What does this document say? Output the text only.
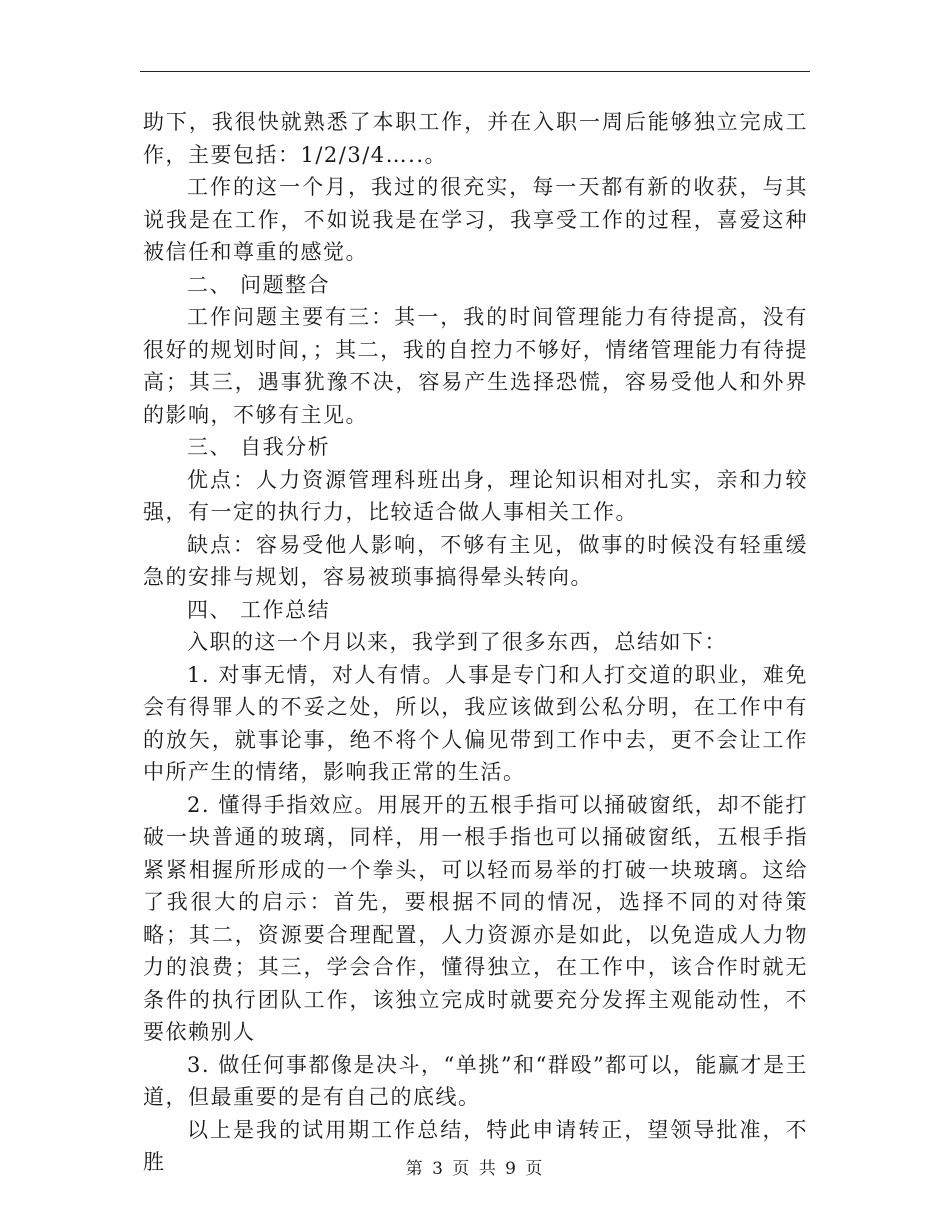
助下，我很快就熟悉了本职工作，并在入职一周后能够独立完成工作，主要包括：1/2/3/4…..。

工作的这一个月，我过的很充实，每一天都有新的收获，与其说我是在工作，不如说我是在学习，我享受工作的过程，喜爱这种被信任和尊重的感觉。

二、 问题整合

工作问题主要有三：其一，我的时间管理能力有待提高，没有很好的规划时间，；其二，我的自控力不够好，情绪管理能力有待提高；其三，遇事犹豫不决，容易产生选择恐慌，容易受他人和外界的影响，不够有主见。

三、 自我分析

优点：人力资源管理科班出身，理论知识相对扎实，亲和力较强，有一定的执行力，比较适合做人事相关工作。

缺点：容易受他人影响，不够有主见，做事的时候没有轻重缓急的安排与规划，容易被琐事搞得晕头转向。

四、 工作总结

入职的这一个月以来，我学到了很多东西，总结如下：

1. 对事无情，对人有情。人事是专门和人打交道的职业，难免会有得罪人的不妥之处，所以，我应该做到公私分明，在工作中有的放矢，就事论事，绝不将个人偏见带到工作中去，更不会让工作中所产生的情绪，影响我正常的生活。

2. 懂得手指效应。用展开的五根手指可以捅破窗纸，却不能打破一块普通的玻璃，同样，用一根手指也可以捅破窗纸，五根手指紧紧相握所形成的一个拳头，可以轻而易举的打破一块玻璃。这给了我很大的启示：首先，要根据不同的情况，选择不同的对待策略；其二，资源要合理配置，人力资源亦是如此，以免造成人力物力的浪费；其三，学会合作，懂得独立，在工作中，该合作时就无条件的执行团队工作，该独立完成时就要充分发挥主观能动性，不要依赖别人

3. 做任何事都像是决斗，“单挑”和“群殴”都可以，能赢才是王道，但最重要的是有自己的底线。

以上是我的试用期工作总结，特此申请转正，望领导批准，不胜	第 3 页 共 9 页
